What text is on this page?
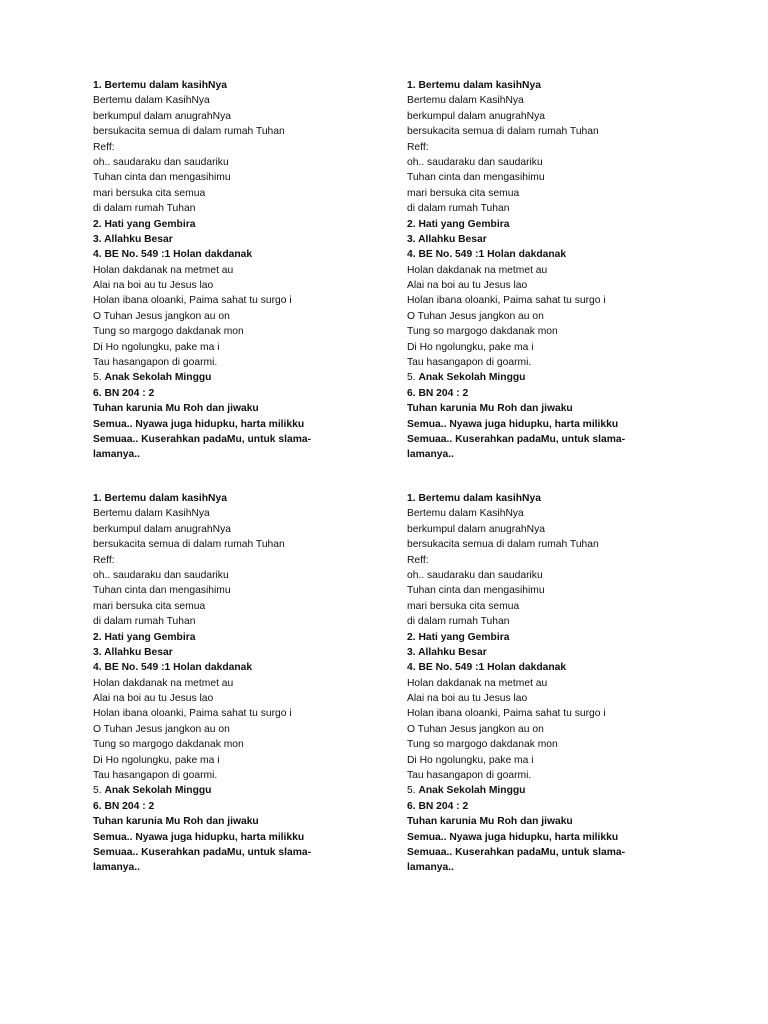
1. Bertemu dalam kasihNya
Bertemu dalam KasihNya
berkumpul dalam anugrahNya
bersukacita semua di dalam rumah Tuhan
Reff:
oh.. saudaraku dan saudariku
Tuhan cinta dan mengasihimu
mari bersuka cita semua
di dalam rumah Tuhan
2. Hati yang Gembira
3. Allahku Besar
4. BE No. 549 :1 Holan dakdanak
Holan dakdanak na metmet au
Alai na boi au tu Jesus lao
Holan ibana oloanki, Paima sahat tu surgo i
O Tuhan Jesus jangkon au on
Tung so margogo dakdanak mon
Di Ho ngolungku, pake ma i
Tau hasangapon di goarmi.
5. Anak Sekolah Minggu
6. BN 204 : 2
Tuhan karunia Mu Roh dan jiwaku
Semua.. Nyawa juga hidupku, harta milikku
Semuaa.. Kuserahkan padaMu, untuk slama-
lamanya..
1. Bertemu dalam kasihNya
Bertemu dalam KasihNya
berkumpul dalam anugrahNya
bersukacita semua di dalam rumah Tuhan
Reff:
oh.. saudaraku dan saudariku
Tuhan cinta dan mengasihimu
mari bersuka cita semua
di dalam rumah Tuhan
2. Hati yang Gembira
3. Allahku Besar
4. BE No. 549 :1 Holan dakdanak
Holan dakdanak na metmet au
Alai na boi au tu Jesus lao
Holan ibana oloanki, Paima sahat tu surgo i
O Tuhan Jesus jangkon au on
Tung so margogo dakdanak mon
Di Ho ngolungku, pake ma i
Tau hasangapon di goarmi.
5. Anak Sekolah Minggu
6. BN 204 : 2
Tuhan karunia Mu Roh dan jiwaku
Semua.. Nyawa juga hidupku, harta milikku
Semuaa.. Kuserahkan padaMu, untuk slama-
lamanya..
1. Bertemu dalam kasihNya
Bertemu dalam KasihNya
berkumpul dalam anugrahNya
bersukacita semua di dalam rumah Tuhan
Reff:
oh.. saudaraku dan saudariku
Tuhan cinta dan mengasihimu
mari bersuka cita semua
di dalam rumah Tuhan
2. Hati yang Gembira
3. Allahku Besar
4. BE No. 549 :1 Holan dakdanak
Holan dakdanak na metmet au
Alai na boi au tu Jesus lao
Holan ibana oloanki, Paima sahat tu surgo i
O Tuhan Jesus jangkon au on
Tung so margogo dakdanak mon
Di Ho ngolungku, pake ma i
Tau hasangapon di goarmi.
5. Anak Sekolah Minggu
6. BN 204 : 2
Tuhan karunia Mu Roh dan jiwaku
Semua.. Nyawa juga hidupku, harta milikku
Semuaa.. Kuserahkan padaMu, untuk slama-
lamanya..
1. Bertemu dalam kasihNya
Bertemu dalam KasihNya
berkumpul dalam anugrahNya
bersukacita semua di dalam rumah Tuhan
Reff:
oh.. saudaraku dan saudariku
Tuhan cinta dan mengasihimu
mari bersuka cita semua
di dalam rumah Tuhan
2. Hati yang Gembira
3. Allahku Besar
4. BE No. 549 :1 Holan dakdanak
Holan dakdanak na metmet au
Alai na boi au tu Jesus lao
Holan ibana oloanki, Paima sahat tu surgo i
O Tuhan Jesus jangkon au on
Tung so margogo dakdanak mon
Di Ho ngolungku, pake ma i
Tau hasangapon di goarmi.
5. Anak Sekolah Minggu
6. BN 204 : 2
Tuhan karunia Mu Roh dan jiwaku
Semua.. Nyawa juga hidupku, harta milikku
Semuaa.. Kuserahkan padaMu, untuk slama-
lamanya..
